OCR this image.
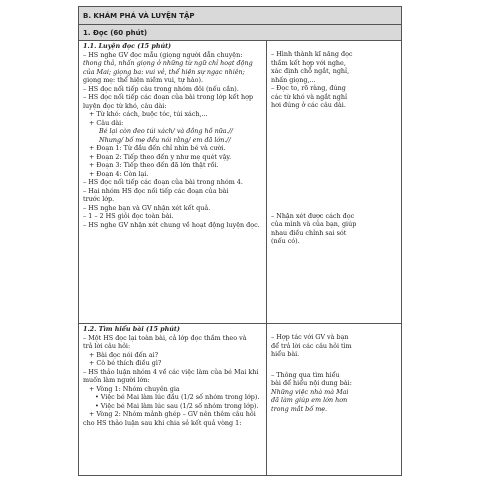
B. KHÁM PHÁ VÀ LUYỆN TẬP
1. Đọc (60 phút)
1.1. Luyện đọc (15 phút)
– HS nghe GV đọc mẫu (giọng người dẫn chuyện:
thong thả, nhấn giọng ở những từ ngữ chỉ hoạt động
của Mai; giọng ba: vui vẻ, thể hiện sự ngạc nhiên;
giọng mẹ: thể hiện niềm vui, tự hào).
– HS đọc nối tiếp câu trong nhóm đôi (nếu cần).
– HS đọc nối tiếp các đoạn của bài trong lớp kết hợp
luyện đọc từ khó, câu dài:
+ Từ khó: cách, buộc tóc, túi xách,...
+ Câu dài:
Bé lại còn đeo túi xách/ và đồng hồ nữa.//
Nhưng/ bố mẹ đều nói rằng/ em đã lớn.//
+ Đoạn 1: Từ đầu đến chỉ nhìn bé và cười.
+ Đoạn 2: Tiếp theo đến y như mẹ quét vậy.
+ Đoạn 3: Tiếp theo đến đã lớn thật rồi.
+ Đoạn 4: Còn lại.
– HS đọc nối tiếp các đoạn của bài trong nhóm 4.
– Hai nhóm HS đọc nối tiếp các đoạn của bài
trước lớp.
– HS nghe bạn và GV nhận xét kết quả.
– 1 – 2 HS giỏi đọc toàn bài.
– HS nghe GV nhận xét chung về hoạt động luyện đọc.
– Hình thành kĩ năng đọc
thầm kết hợp với nghe,
xác định chỗ ngắt, nghỉ,
nhấn giọng,...
– Đọc to, rõ ràng, đúng
các từ khó và ngắt nghỉ
hơi đúng ở các câu dài.
– Nhận xét được cách đọc
của mình và của bạn, giúp
nhau điều chỉnh sai sót
(nếu có).
1.2. Tìm hiểu bài (15 phút)
– Một HS đọc lại toàn bài, cả lớp đọc thầm theo và
trả lời câu hỏi:
+ Bài đọc nói đến ai?
+ Cô bé thích điều gì?
– HS thảo luận nhóm 4 về các việc làm của bé Mai khi
muốn làm người lớn:
+ Vòng 1: Nhóm chuyên gia
• Việc bé Mai làm lúc đầu (1/2 số nhóm trong lớp).
• Việc bé Mai làm lúc sau (1/2 số nhóm trong lớp).
+ Vòng 2: Nhóm mảnh ghép – GV nên thêm câu hỏi
cho HS thảo luận sau khi chia sẻ kết quả vòng 1:
– Hợp tác với GV và bạn
để trả lời các câu hỏi tìm
hiểu bài.
– Thông qua tìm hiểu
bài để hiểu nội dung bài:
Những việc nhà mà Mai
đã làm giúp em lớn hơn
trong mắt bố mẹ.
